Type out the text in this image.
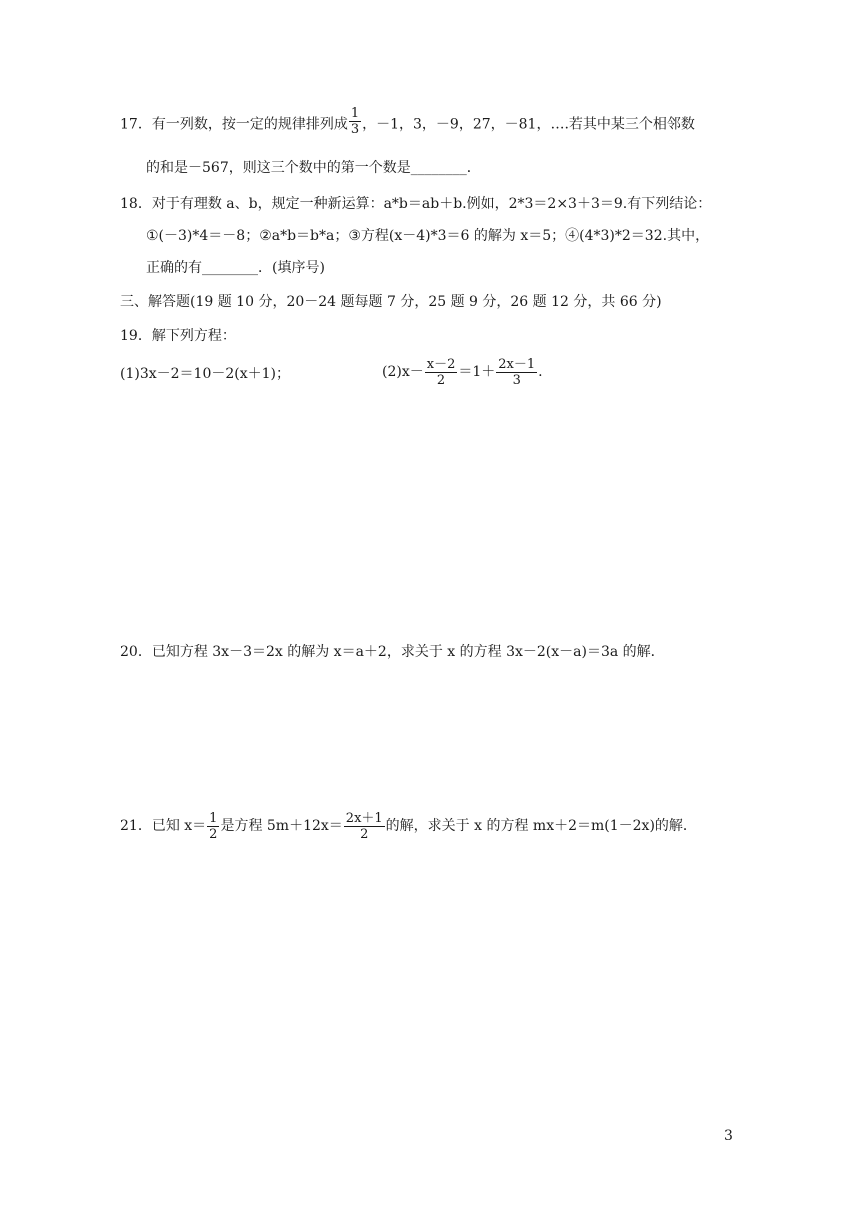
17．有一列数，按一定的规律排列成 $\frac{1}{3}$ ，－1，3，－9，27，－81，….若其中某三个相邻数
的和是－567，则这三个数中的第一个数是________．
18．对于有理数 a、b，规定一种新运算：a*b＝ab＋b.例如，2*3＝2×3＋3＝9.有下列结论：
①(－3)*4＝－8；②a*b＝b*a；③方程(x－4)*3＝6 的解为 x＝5；④(4*3)*2＝32.其中，
正确的有________．(填序号)
三、解答题(19 题 10 分，20－24 题每题 7 分，25 题 9 分，26 题 12 分，共 66 分)
19．解下列方程：
(1)3x－2＝10－2(x＋1)；	$(2)x- \frac{x-2}{2} =1+ \frac{2x-1}{3}$ .
20．已知方程 3x－3＝2x 的解为 x＝a＋2，求关于 x 的方程 3x－2(x－a)＝3a 的解．
21．已知 $x= \frac{1}{2}$ 是方程 $5m+12x= \frac{2x+1}{2}$ 的解，求关于 x 的方程 mx＋2＝m(1－2x)的解．
3
